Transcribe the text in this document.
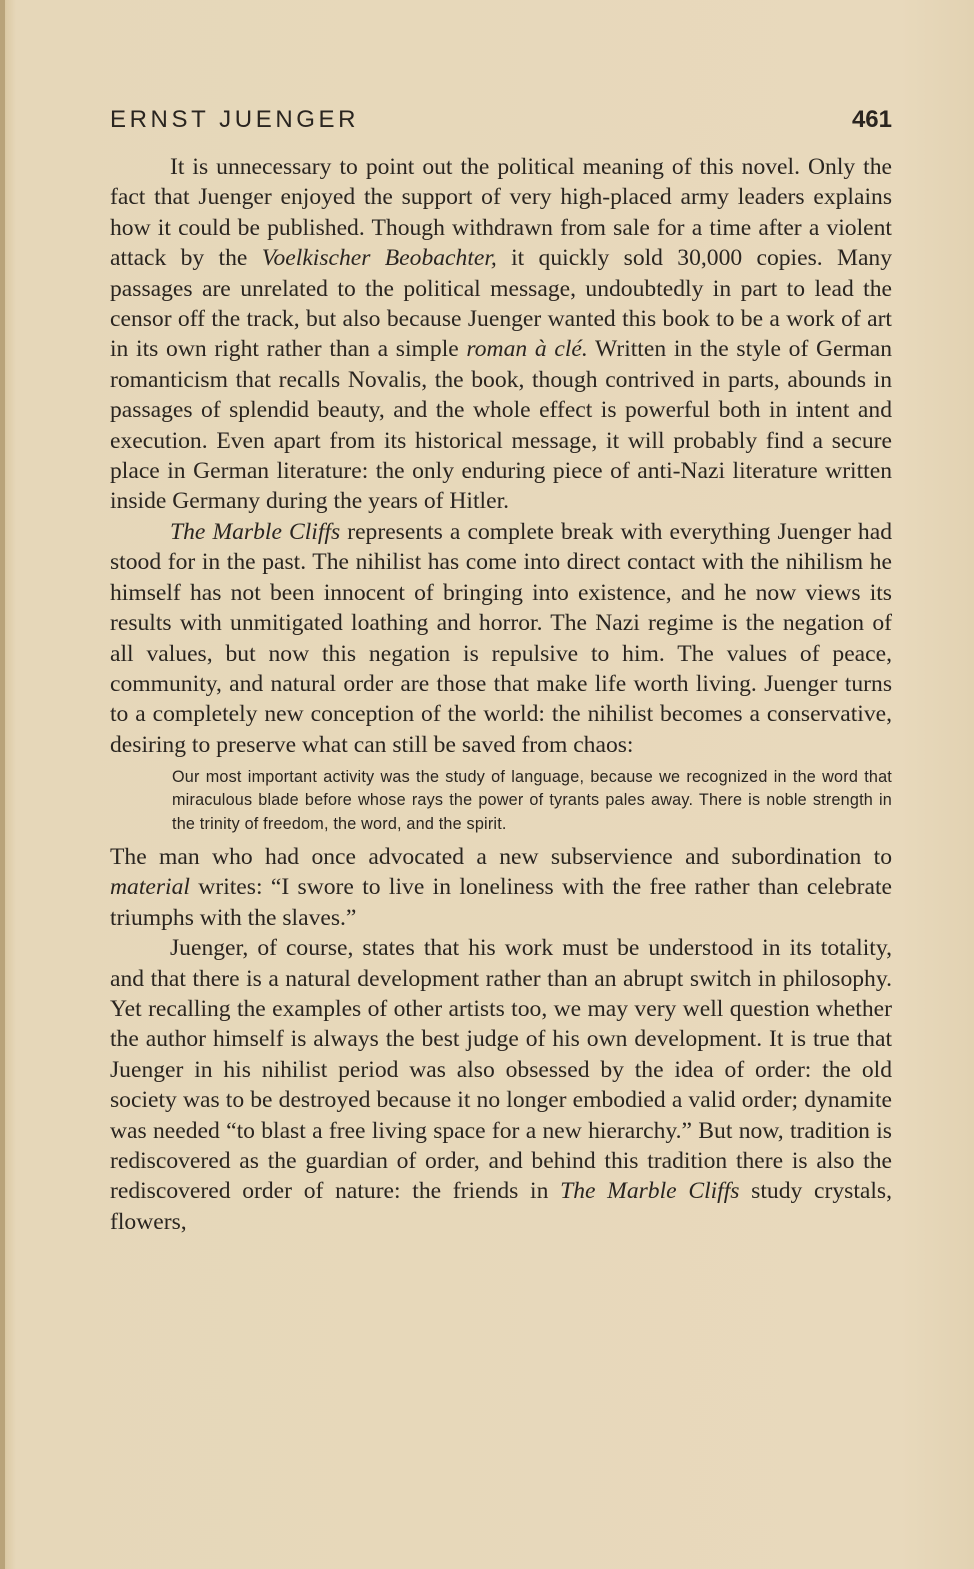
ERNST JUENGER	461

It is unnecessary to point out the political meaning of this novel. Only the fact that Juenger enjoyed the support of very high-placed army leaders explains how it could be published. Though withdrawn from sale for a time after a violent attack by the Voelkischer Beobachter, it quickly sold 30,000 copies. Many passages are unrelated to the political message, undoubtedly in part to lead the censor off the track, but also because Juenger wanted this book to be a work of art in its own right rather than a simple roman à clé. Written in the style of German romanticism that recalls Novalis, the book, though contrived in parts, abounds in passages of splendid beauty, and the whole effect is powerful both in intent and execution. Even apart from its historical message, it will probably find a secure place in German literature: the only enduring piece of anti-Nazi literature written inside Germany during the years of Hitler.

The Marble Cliffs represents a complete break with everything Juenger had stood for in the past. The nihilist has come into direct contact with the nihilism he himself has not been innocent of bringing into existence, and he now views its results with unmitigated loathing and horror. The Nazi regime is the negation of all values, but now this negation is repulsive to him. The values of peace, community, and natural order are those that make life worth living. Juenger turns to a completely new conception of the world: the nihilist becomes a conservative, desiring to preserve what can still be saved from chaos:

Our most important activity was the study of language, because we recognized in the word that miraculous blade before whose rays the power of tyrants pales away. There is noble strength in the trinity of freedom, the word, and the spirit.

The man who had once advocated a new subservience and subordination to material writes: “I swore to live in loneliness with the free rather than celebrate triumphs with the slaves.”

Juenger, of course, states that his work must be understood in its totality, and that there is a natural development rather than an abrupt switch in philosophy. Yet recalling the examples of other artists too, we may very well question whether the author himself is always the best judge of his own development. It is true that Juenger in his nihilist period was also obsessed by the idea of order: the old society was to be destroyed because it no longer embodied a valid order; dynamite was needed “to blast a free living space for a new hierarchy.” But now, tradition is rediscovered as the guardian of order, and behind this tradition there is also the rediscovered order of nature: the friends in The Marble Cliffs study crystals, flowers,
